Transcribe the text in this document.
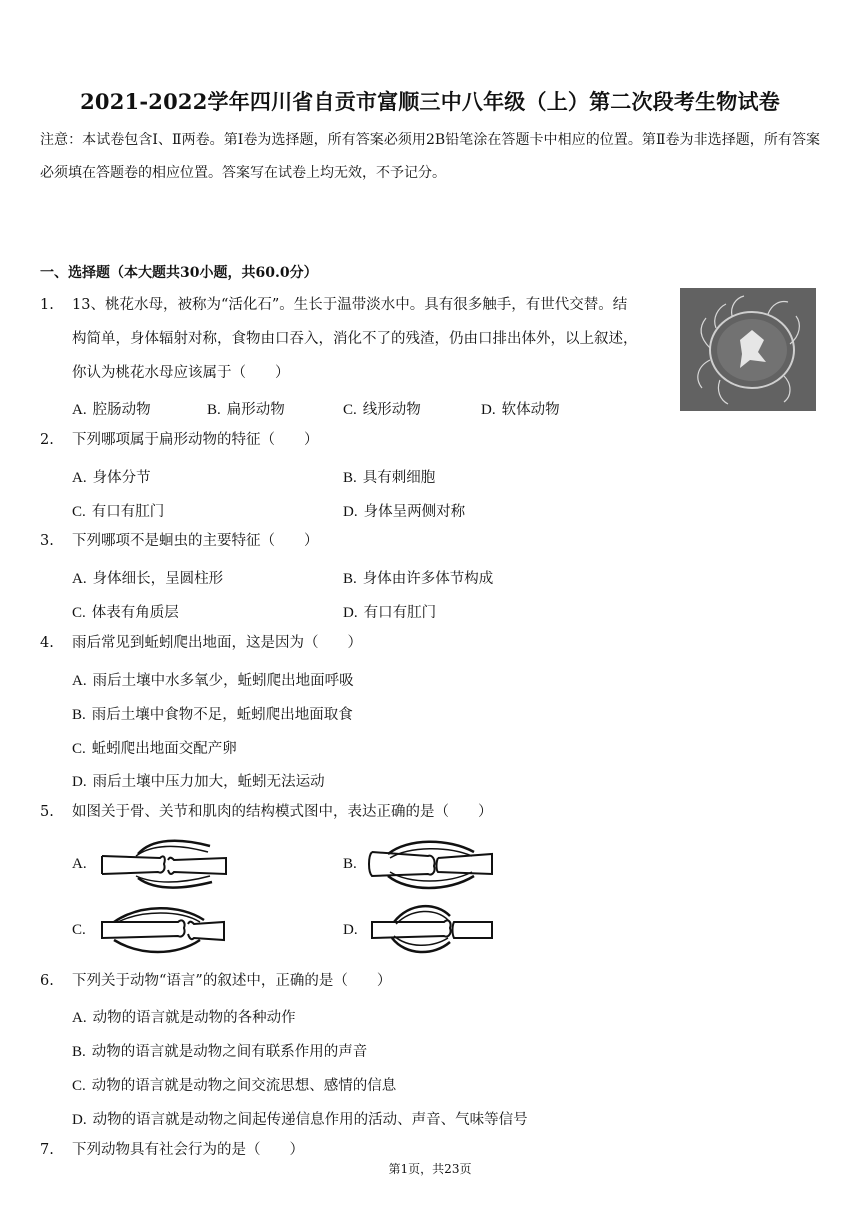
2021-2022学年四川省自贡市富顺三中八年级（上）第二次段考生物试卷
注意：本试卷包含Ⅰ、Ⅱ两卷。第Ⅰ卷为选择题，所有答案必须用2B铅笔涂在答题卡中相应的位置。第Ⅱ卷为非选择题，所有答案必须填在答题卷的相应位置。答案写在试卷上均无效，不予记分。
一、选择题（本大题共30小题，共60.0分）
1.	13、桃花水母，被称为“活化石”。生长于温带淡水中。具有很多触手，有世代交替。结
构简单，身体辐射对称，食物由口吞入，消化不了的残渣，仍由口排出体外，以上叙述，
你认为桃花水母应该属于（　　）
A. 腔肠动物	B. 扁形动物	C. 线形动物	D. 软体动物
2.	下列哪项属于扁形动物的特征（　　）
A. 身体分节	B. 具有刺细胞
C. 有口有肛门	D. 身体呈两侧对称
3.	下列哪项不是蛔虫的主要特征（　　）
A. 身体细长，呈圆柱形	B. 身体由许多体节构成
C. 体表有角质层	D. 有口有肛门
4.	雨后常见到蚯蚓爬出地面，这是因为（　　）
A. 雨后土壤中水多氧少，蚯蚓爬出地面呼吸
B. 雨后土壤中食物不足，蚯蚓爬出地面取食
C. 蚯蚓爬出地面交配产卵
D. 雨后土壤中压力加大，蚯蚓无法运动
5.	如图关于骨、关节和肌肉的结构模式图中，表达正确的是（　　）
A.	B.
C.	D.
6.	下列关于动物“语言”的叙述中，正确的是（　　）
A. 动物的语言就是动物的各种动作
B. 动物的语言就是动物之间有联系作用的声音
C. 动物的语言就是动物之间交流思想、感情的信息
D. 动物的语言就是动物之间起传递信息作用的活动、声音、气味等信号
7.	下列动物具有社会行为的是（　　）
第1页，共23页
